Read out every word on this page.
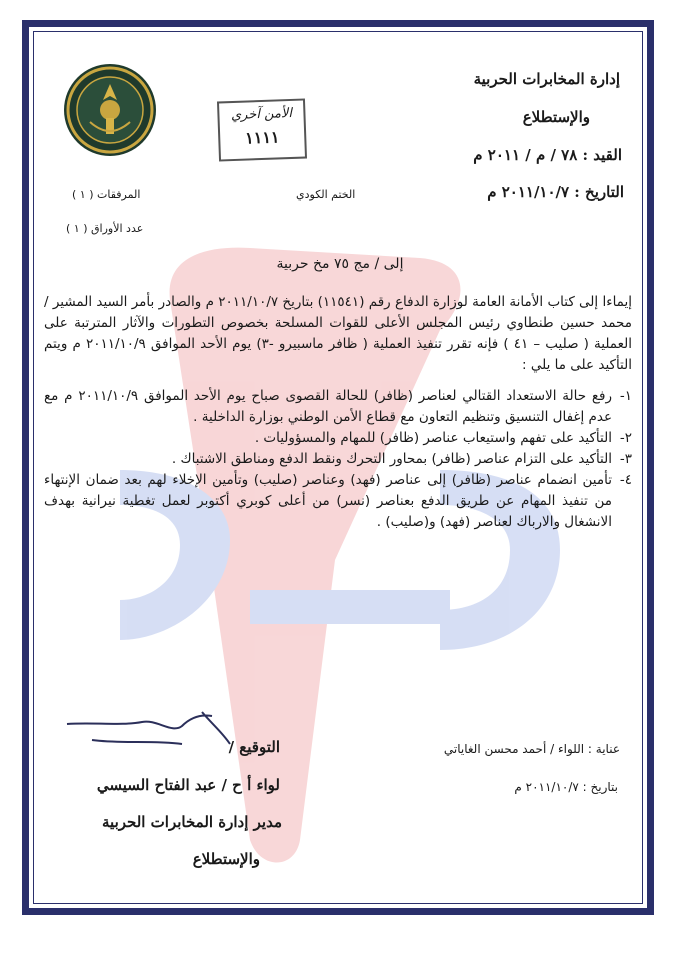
إدارة المخابرات الحربية
والإستطلاع
القيد : ٧٨ / م / ٢٠١١ م
التاريخ : ٢٠١١/١٠/٧ م
الأمن آخري
١١١١
الختم الكودي
المرفقات ( ١ )
عدد الأوراق ( ١ )
إلى / مج ٧٥ مخ حربية
إيماءا إلى كتاب الأمانة العامة لوزارة الدفاع رقم (١١٥٤١) بتاريخ ٢٠١١/١٠/٧ م والصادر بأمر السيد المشير / محمد حسين طنطاوي رئيس المجلس الأعلى للقوات المسلحة بخصوص التطورات والآثار المترتبة على العملية ( صليب – ٤١ ) فإنه تقرر تنفيذ العملية ( ظافر ماسبيرو -٣) يوم الأحد الموافق ٢٠١١/١٠/٩ م ويتم التأكيد على ما يلي :
١-
رفع حالة الاستعداد القتالي لعناصر (ظافر) للحالة القصوى صباح يوم الأحد الموافق ٢٠١١/١٠/٩ م مع عدم إغفال التنسيق وتنظيم التعاون مع قطاع الأمن الوطني بوزارة الداخلية .
٢-
التأكيد على تفهم واستيعاب عناصر (ظافر) للمهام والمسؤوليات .
٣-
التأكيد على التزام عناصر (ظافر) بمحاور التحرك ونقط الدفع ومناطق الاشتباك .
٤-
تأمين انضمام عناصر (ظافر) إلى عناصر (فهد) وعناصر (صليب) وتأمين الإخلاء لهم بعد ضمان الإنتهاء من تنفيذ المهام عن طريق الدفع بعناصر (نسر) من أعلى كوبري أكتوبر لعمل تغطية نيرانية بهدف الانشغال والارباك لعناصر (فهد) و(صليب) .
التوقيع /
لواء أ ح / عبد الفتاح السيسي
مدير إدارة المخابرات الحربية
والإستطلاع
عناية : اللواء / أحمد محسن الغاياتي
بتاريخ : ٢٠١١/١٠/٧ م
